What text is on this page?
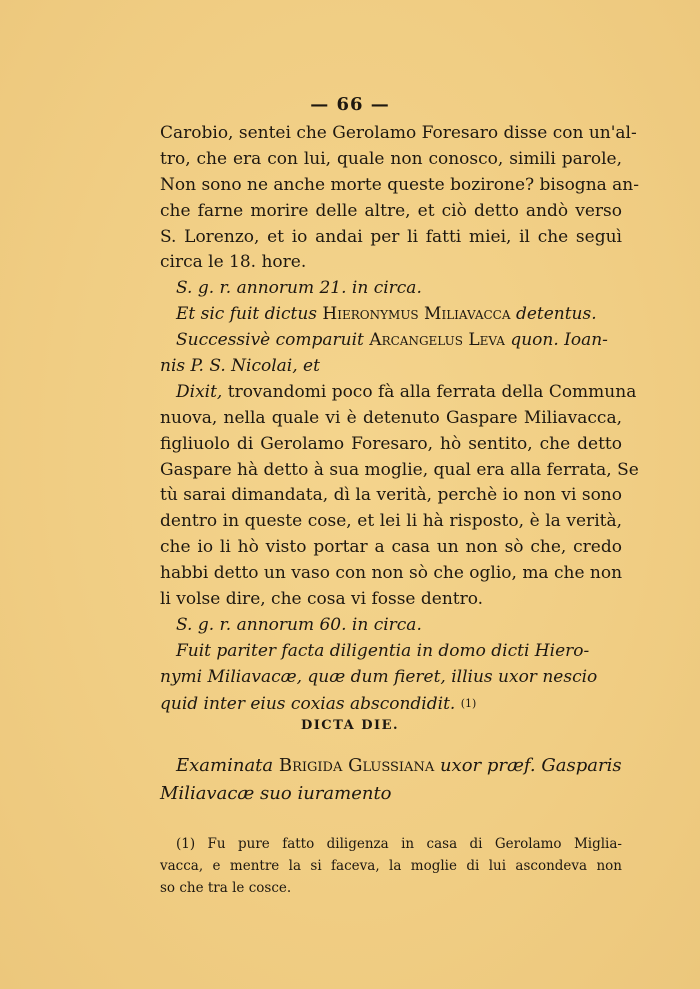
— 66 —
Carobio, sentei che Gerolamo Foresaro disse con un'al-
tro, che era con lui, quale non conosco, simili parole,
Non sono ne anche morte queste bozirone? bisogna an-
che farne morire delle altre, et ciò detto andò verso
S. Lorenzo, et io andai per li fatti miei, il che seguì
circa le 18. hore.
S. g. r. annorum 21. in circa.
Et sic fuit dictus Hieronymus Miliavacca detentus.
Successivè comparuit Arcangelus Leva quon. Ioan-
nis P. S. Nicolai, et
Dixit, trovandomi poco fà alla ferrata della Communa
nuova, nella quale vi è detenuto Gaspare Miliavacca,
figliuolo di Gerolamo Foresaro, hò sentito, che detto
Gaspare hà detto à sua moglie, qual era alla ferrata, Se
tù sarai dimandata, dì la verità, perchè io non vi sono
dentro in queste cose, et lei li hà risposto, è la verità,
che io li hò visto portar a casa un non sò che, credo
habbi detto un vaso con non sò che oglio, ma che non
li volse dire, che cosa vi fosse dentro.
S. g. r. annorum 60. in circa.
Fuit pariter facta diligentia in domo dicti Hiero-
nymi Miliavacæ, quæ dum fieret, illius uxor nescio
quid inter eius coxias abscondidit. (1)
DICTA DIE.
Examinata Brigida Glussiana uxor præf. Gasparis
Miliavacæ suo iuramento
(1) Fu pure fatto diligenza in casa di Gerolamo Miglia-
vacca, e mentre la si faceva, la moglie di lui ascondeva non
so che tra le cosce.
